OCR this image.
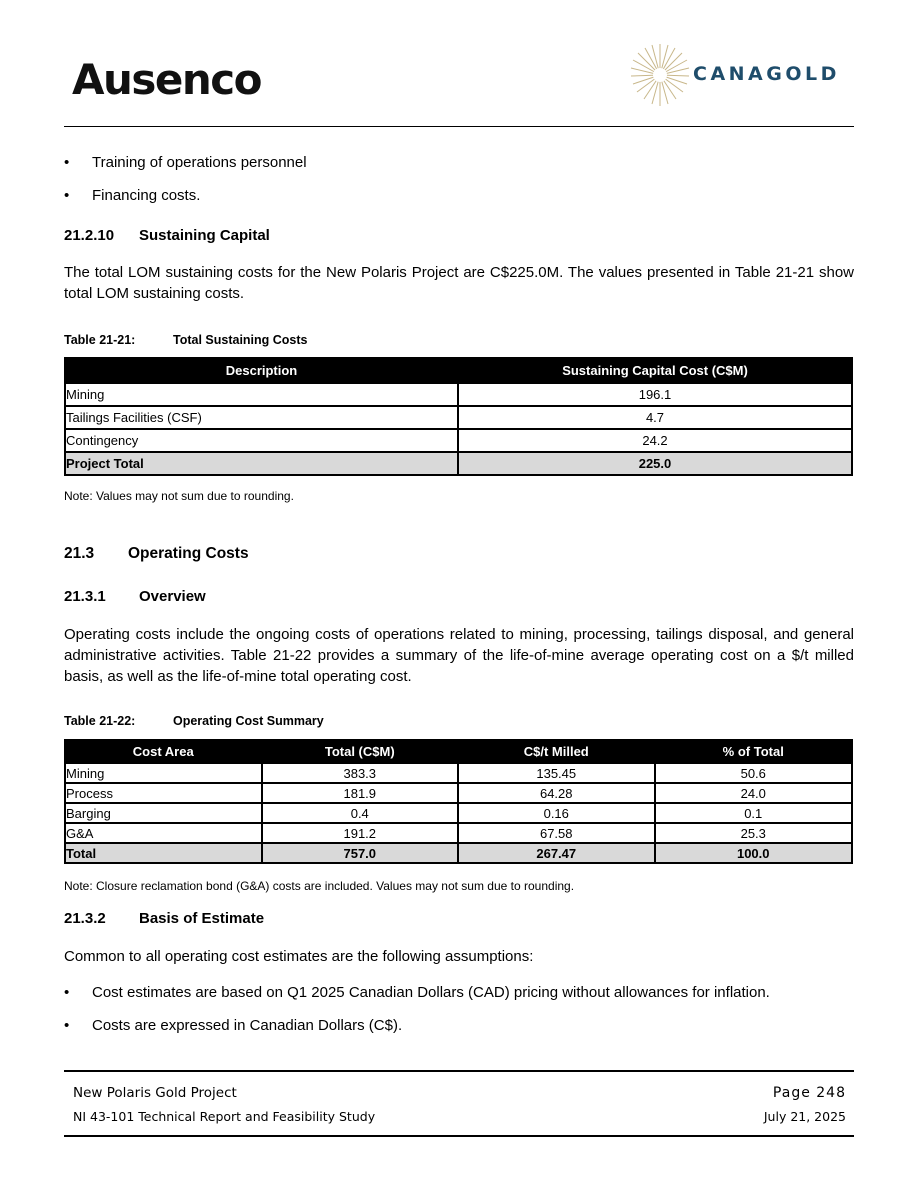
Ausenco	CANAGOLD
• Training of operations personnel
• Financing costs.
21.2.10 Sustaining Capital
The total LOM sustaining costs for the New Polaris Project are C$225.0M. The values presented in Table 21-21 show total LOM sustaining costs.
Table 21-21:	Total Sustaining Costs
Description	Sustaining Capital Cost (C$M)
Mining	196.1
Tailings Facilities (CSF)	4.7
Contingency	24.2
Project Total	225.0
Note: Values may not sum due to rounding.
21.3 Operating Costs
21.3.1 Overview
Operating costs include the ongoing costs of operations related to mining, processing, tailings disposal, and general administrative activities. Table 21-22 provides a summary of the life-of-mine average operating cost on a $/t milled basis, as well as the life-of-mine total operating cost.
Table 21-22:	Operating Cost Summary
Cost Area	Total (C$M)	C$/t Milled	% of Total
Mining	383.3	135.45	50.6
Process	181.9	64.28	24.0
Barging	0.4	0.16	0.1
G&A	191.2	67.58	25.3
Total	757.0	267.47	100.0
Note: Closure reclamation bond (G&A) costs are included. Values may not sum due to rounding.
21.3.2 Basis of Estimate
Common to all operating cost estimates are the following assumptions:
• Cost estimates are based on Q1 2025 Canadian Dollars (CAD) pricing without allowances for inflation.
• Costs are expressed in Canadian Dollars (C$).
New Polaris Gold Project
NI 43-101 Technical Report and Feasibility Study
Page 248
July 21, 2025
